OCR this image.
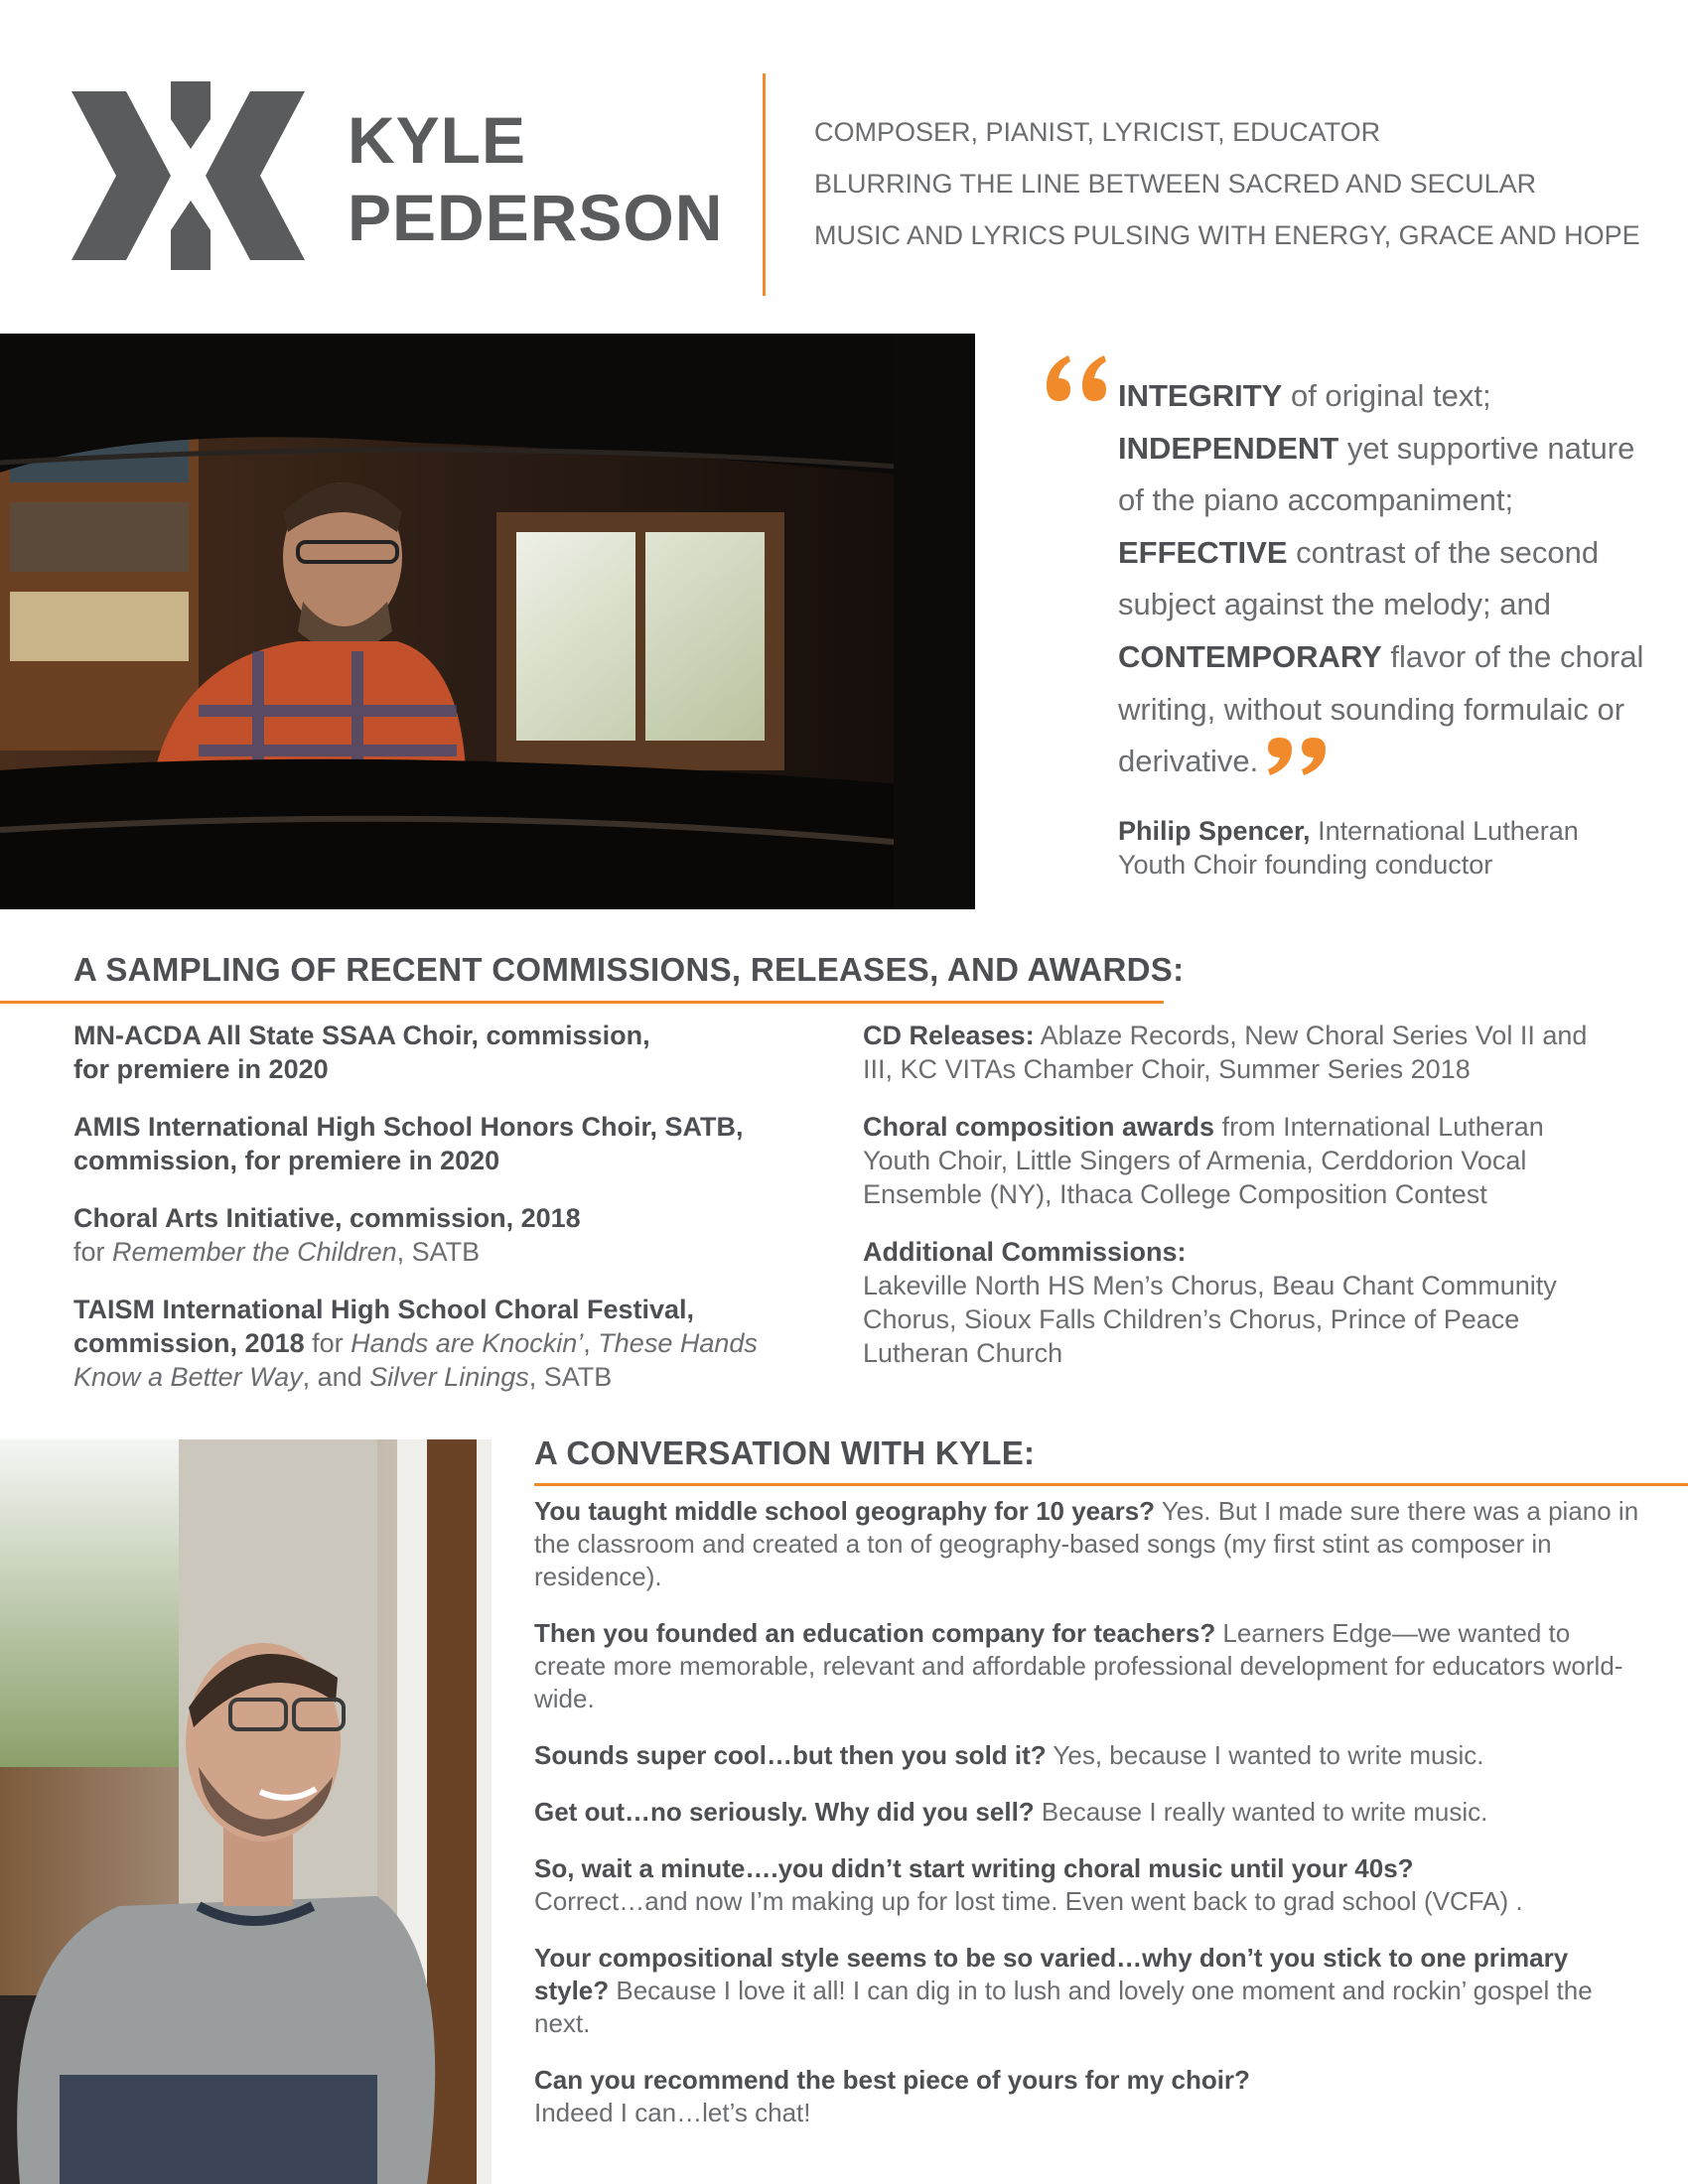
KYLE
PEDERSON
COMPOSER, PIANIST, LYRICIST, EDUCATOR
BLURRING THE LINE BETWEEN SACRED AND SECULAR
MUSIC AND LYRICS PULSING WITH ENERGY, GRACE AND HOPE
INTEGRITY of original text; INDEPENDENT yet supportive nature of the piano accompaniment; EFFECTIVE contrast of the second subject against the melody; and CONTEMPORARY flavor of the choral writing, without sounding formulaic or derivative.
Philip Spencer, International Lutheran Youth Choir founding conductor
A SAMPLING OF RECENT COMMISSIONS, RELEASES, AND AWARDS:
MN-ACDA All State SSAA Choir, commission,
for premiere in 2020
AMIS International High School Honors Choir, SATB,
commission, for premiere in 2020
Choral Arts Initiative, commission, 2018
for Remember the Children, SATB
TAISM International High School Choral Festival,
commission, 2018 for Hands are Knockin’, These Hands Know a Better Way, and Silver Linings, SATB

CD Releases: Ablaze Records, New Choral Series Vol II and III, KC VITAs Chamber Choir, Summer Series 2018

Choral composition awards from International Lutheran Youth Choir, Little Singers of Armenia, Cerddorion Vocal Ensemble (NY), Ithaca College Composition Contest

Additional Commissions:
Lakeville North HS Men’s Chorus, Beau Chant Community Chorus, Sioux Falls Children’s Chorus, Prince of Peace Lutheran Church

A CONVERSATION WITH KYLE:
You taught middle school geography for 10 years? Yes. But I made sure there was a piano in the classroom and created a ton of geography-based songs (my first stint as composer in residence).
Then you founded an education company for teachers? Learners Edge—we wanted to create more memorable, relevant and affordable professional development for educators world-wide.
Sounds super cool…but then you sold it? Yes, because I wanted to write music.
Get out…no seriously. Why did you sell? Because I really wanted to write music.
So, wait a minute….you didn’t start writing choral music until your 40s?
Correct…and now I’m making up for lost time. Even went back to grad school (VCFA) .
Your compositional style seems to be so varied…why don’t you stick to one primary style? Because I love it all! I can dig in to lush and lovely one moment and rockin’ gospel the next.
Can you recommend the best piece of yours for my choir?
Indeed I can…let’s chat!
